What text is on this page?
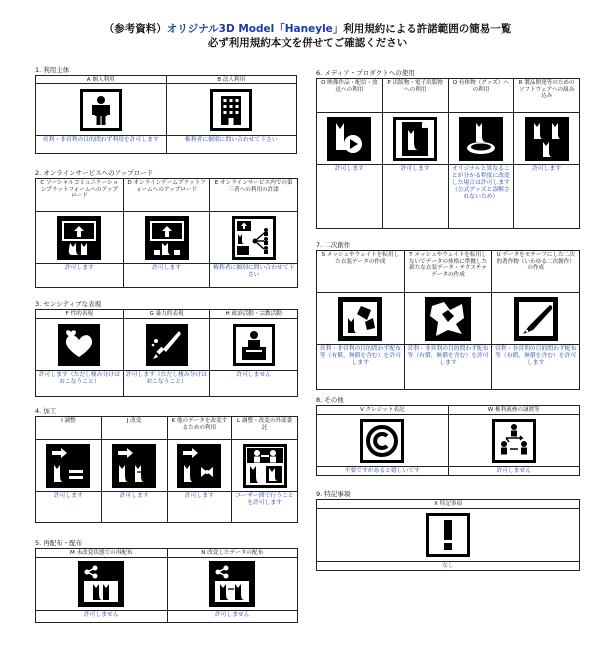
（参考資料）オリジナル3D Model「Haneyle」利用規約による許諾範囲の簡易一覧
必ず利用規約本文を併せてご確認ください
1. 利用主体
A 個人利用
営利・非営利の目的問わず利用を許可します
B 法人利用
権利者に個別に問い合わせて下さい
2. オンラインサービスへのアップロード
C ソーシャルコミュニケーションプラットフォームへのアップロード
許可します
D オンラインゲームプラットフォームへのアップロード
許可します
E オンラインサービス内での第三者への利用の許諾
権利者に個別に問い合わせて下さい
3. センシティブな表現
F 性的表現
許可します（ただし棲み分けはおこなうこと）
G 暴力的表現
許可します（ただし棲み分けはおこなうこと）
H 政治活動・宗教活動
許可しません
4. 加工
I 調整
許可します
J 改変
許可します
K 他のデータを改変するための利用
許可します
L 調整・改変の外部委託
ユーザー間で行うことを許可します
5. 再配布・配布
M 未改変状態での再配布
許可しません
N 改変したデータの配布
許可しません
6. メディア・プロダクトへの使用
O 映像作品・配信・放送への利用
許可します
P 出版物・電子出版物への利用
許可します
Q 有体物（グッズ）への利用
オリジナルと異なることが分かる程度に改変した場合は許可します（公式グッズと誤解されないため）
R 製品開発等のためのソフトウェアへの組み込み
許可します
7. 二次創作
S メッシュやウェイトを転用した衣装データの作成
営利・非営利の目的問わず配布等（有償、無償を含む）を許可します
T メッシュやウェイトを転用しないでデータの体格に準拠した新たな衣装データ・テクスチャデータの作成
営利・非営利の目的問わず配布等（有償、無償を含む）を許可します
U データをモチーフにした二次的著作物（いわゆる二次創作）の作成
営利・非営利の目的問わず配布等（有償、無償を含む）を許可します
8. その他
V クレジット表記
不要ですがあると嬉しいです
W 権利義務の譲渡等
許可しません
9. 特記事項
X 特記事項
なし
